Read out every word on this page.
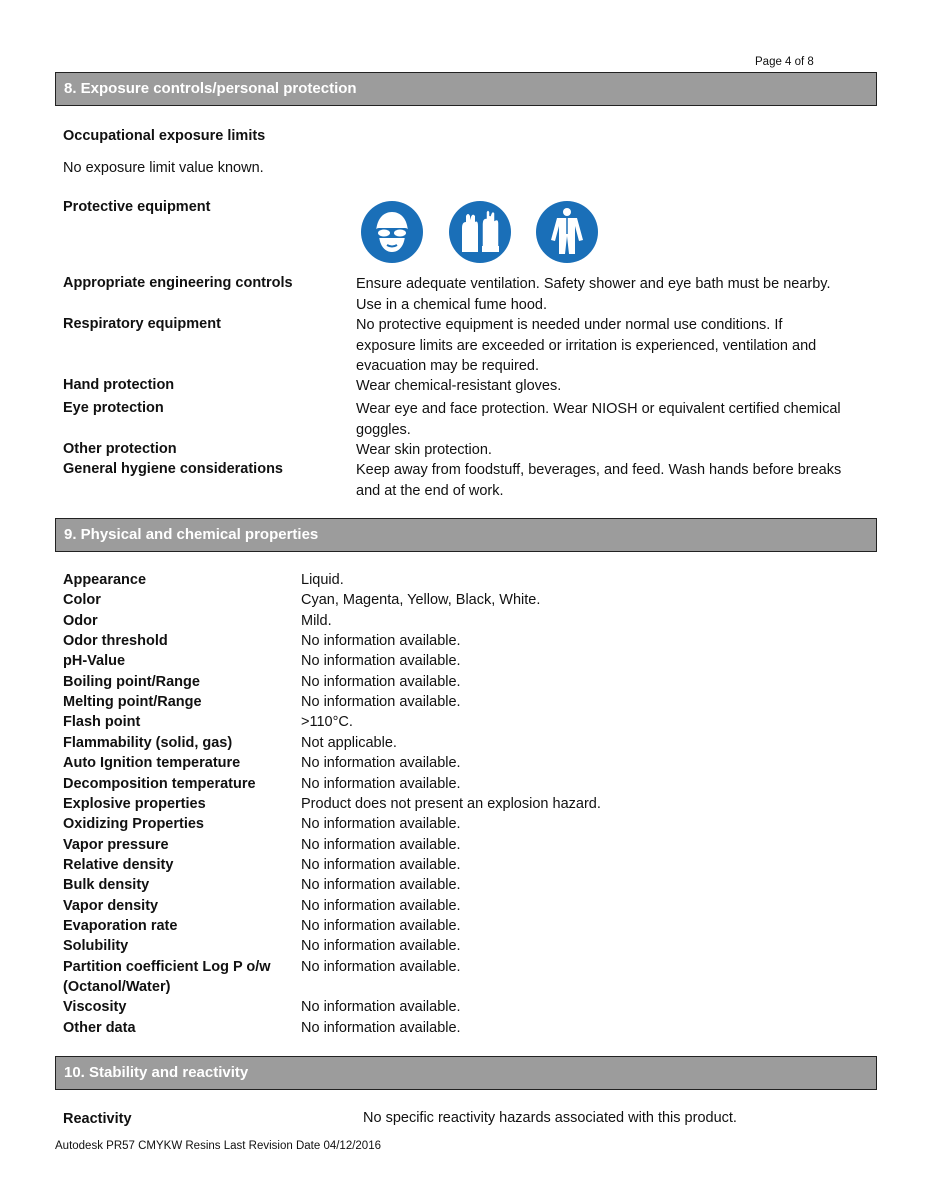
Page 4 of 8
8. Exposure controls/personal protection
Occupational exposure limits
No exposure limit value known.
Protective equipment
Appropriate engineering controls	Ensure adequate ventilation. Safety shower and eye bath must be nearby.
Use in a chemical fume hood.
Respiratory equipment	No protective equipment is needed under normal use conditions. If
exposure limits are exceeded or irritation is experienced, ventilation and
evacuation may be required.
Hand protection	Wear chemical-resistant gloves.
Eye protection	Wear eye and face protection. Wear NIOSH or equivalent certified chemical
goggles.
Other protection	Wear skin protection.
General hygiene considerations	Keep away from foodstuff, beverages, and feed. Wash hands before breaks
and at the end of work.
9. Physical and chemical properties
Appearance	Liquid.
Color	Cyan, Magenta, Yellow, Black, White.
Odor	Mild.
Odor threshold	No information available.
pH-Value	No information available.
Boiling point/Range	No information available.
Melting point/Range	No information available.
Flash point	>110°C.
Flammability (solid, gas)	Not applicable.
Auto Ignition temperature	No information available.
Decomposition temperature	No information available.
Explosive properties	Product does not present an explosion hazard.
Oxidizing Properties	No information available.
Vapor pressure	No information available.
Relative density	No information available.
Bulk density	No information available.
Vapor density	No information available.
Evaporation rate	No information available.
Solubility	No information available.
Partition coefficient Log P o/w No information available.
(Octanol/Water)
Viscosity	No information available.
Other data	No information available.
10. Stability and reactivity
Reactivity	No specific reactivity hazards associated with this product.
Autodesk PR57 CMYKW Resins Last Revision Date 04/12/2016
